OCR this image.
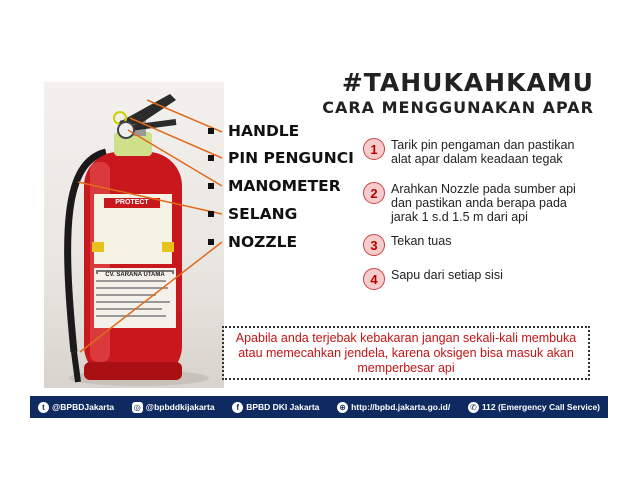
PROTECT
CV. SARANA UTAMA
#TAHUKAHKAMU
CARA MENGGUNAKAN APAR
HANDLE
PIN PENGUNCI
MANOMETER
SELANG
NOZZLE
1	Tarik pin pengaman dan pastikan alat apar dalam keadaan tegak
2	Arahkan Nozzle pada sumber api dan pastikan anda berapa pada jarak 1 s.d 1.5 m dari api
3	Tekan tuas
4	Sapu dari setiap sisi
Apabila anda terjebak kebakaran jangan sekali-kali membuka atau memecahkan jendela, karena oksigen bisa masuk akan memperbesar api
t @BPBDJakarta ◎ @bpbddkijakarta	f BPBD DKI Jakarta ⊕ http://bpbd.jakarta.go.id/ ✆ 112 (Emergency Call Service)
